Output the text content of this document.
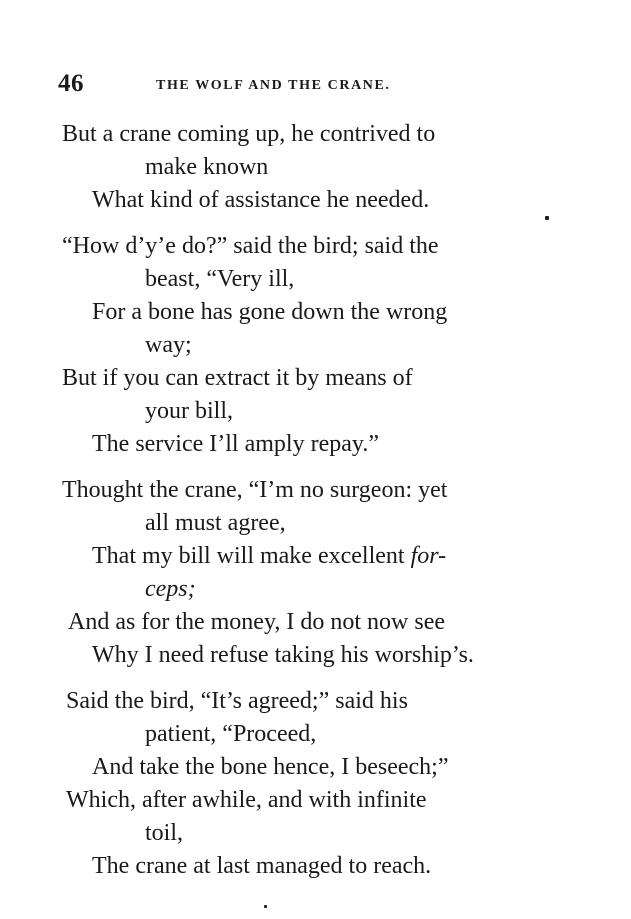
46	THE WOLF AND THE CRANE.
But a crane coming up, he contrived to
make known
What kind of assistance he needed.
“How d’y’e do?” said the bird; said the
beast, “Very ill,
For a bone has gone down the wrong
way;
But if you can extract it by means of
your bill,
The service I’ll amply repay.”
Thought the crane, “I’m no surgeon: yet
all must agree,
That my bill will make excellent for-
ceps;
And as for the money, I do not now see
Why I need refuse taking his worship’s.
Said the bird, “It’s agreed;” said his
patient, “Proceed,
And take the bone hence, I beseech;”
Which, after awhile, and with infinite
toil,
The crane at last managed to reach.
